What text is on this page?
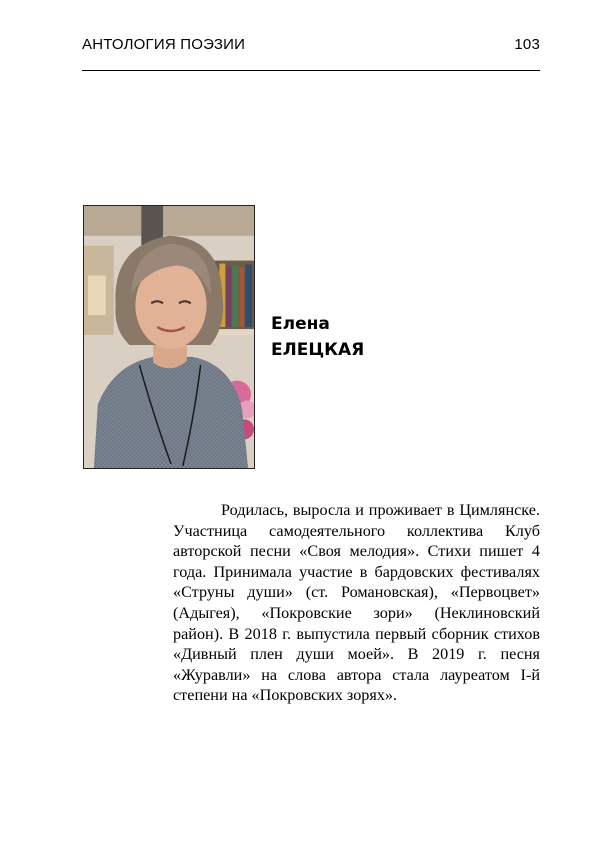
АНТОЛОГИЯ ПОЭЗИИ	103
Елена
ЕЛЕЦКАЯ
Родилась, выросла и проживает в Цимлянске. Участница самодеятельного коллектива Клуб авторской песни «Своя мелодия». Стихи пишет 4 года. Принимала участие в бардовских фестивалях «Струны души» (ст. Романовская), «Первоцвет» (Адыгея), «Покровские зори» (Неклиновский район). В 2018 г. выпустила первый сборник стихов «Дивный плен души моей». В 2019 г. песня «Журавли» на слова автора стала лауреатом I-й степени на «Покровских зорях».
